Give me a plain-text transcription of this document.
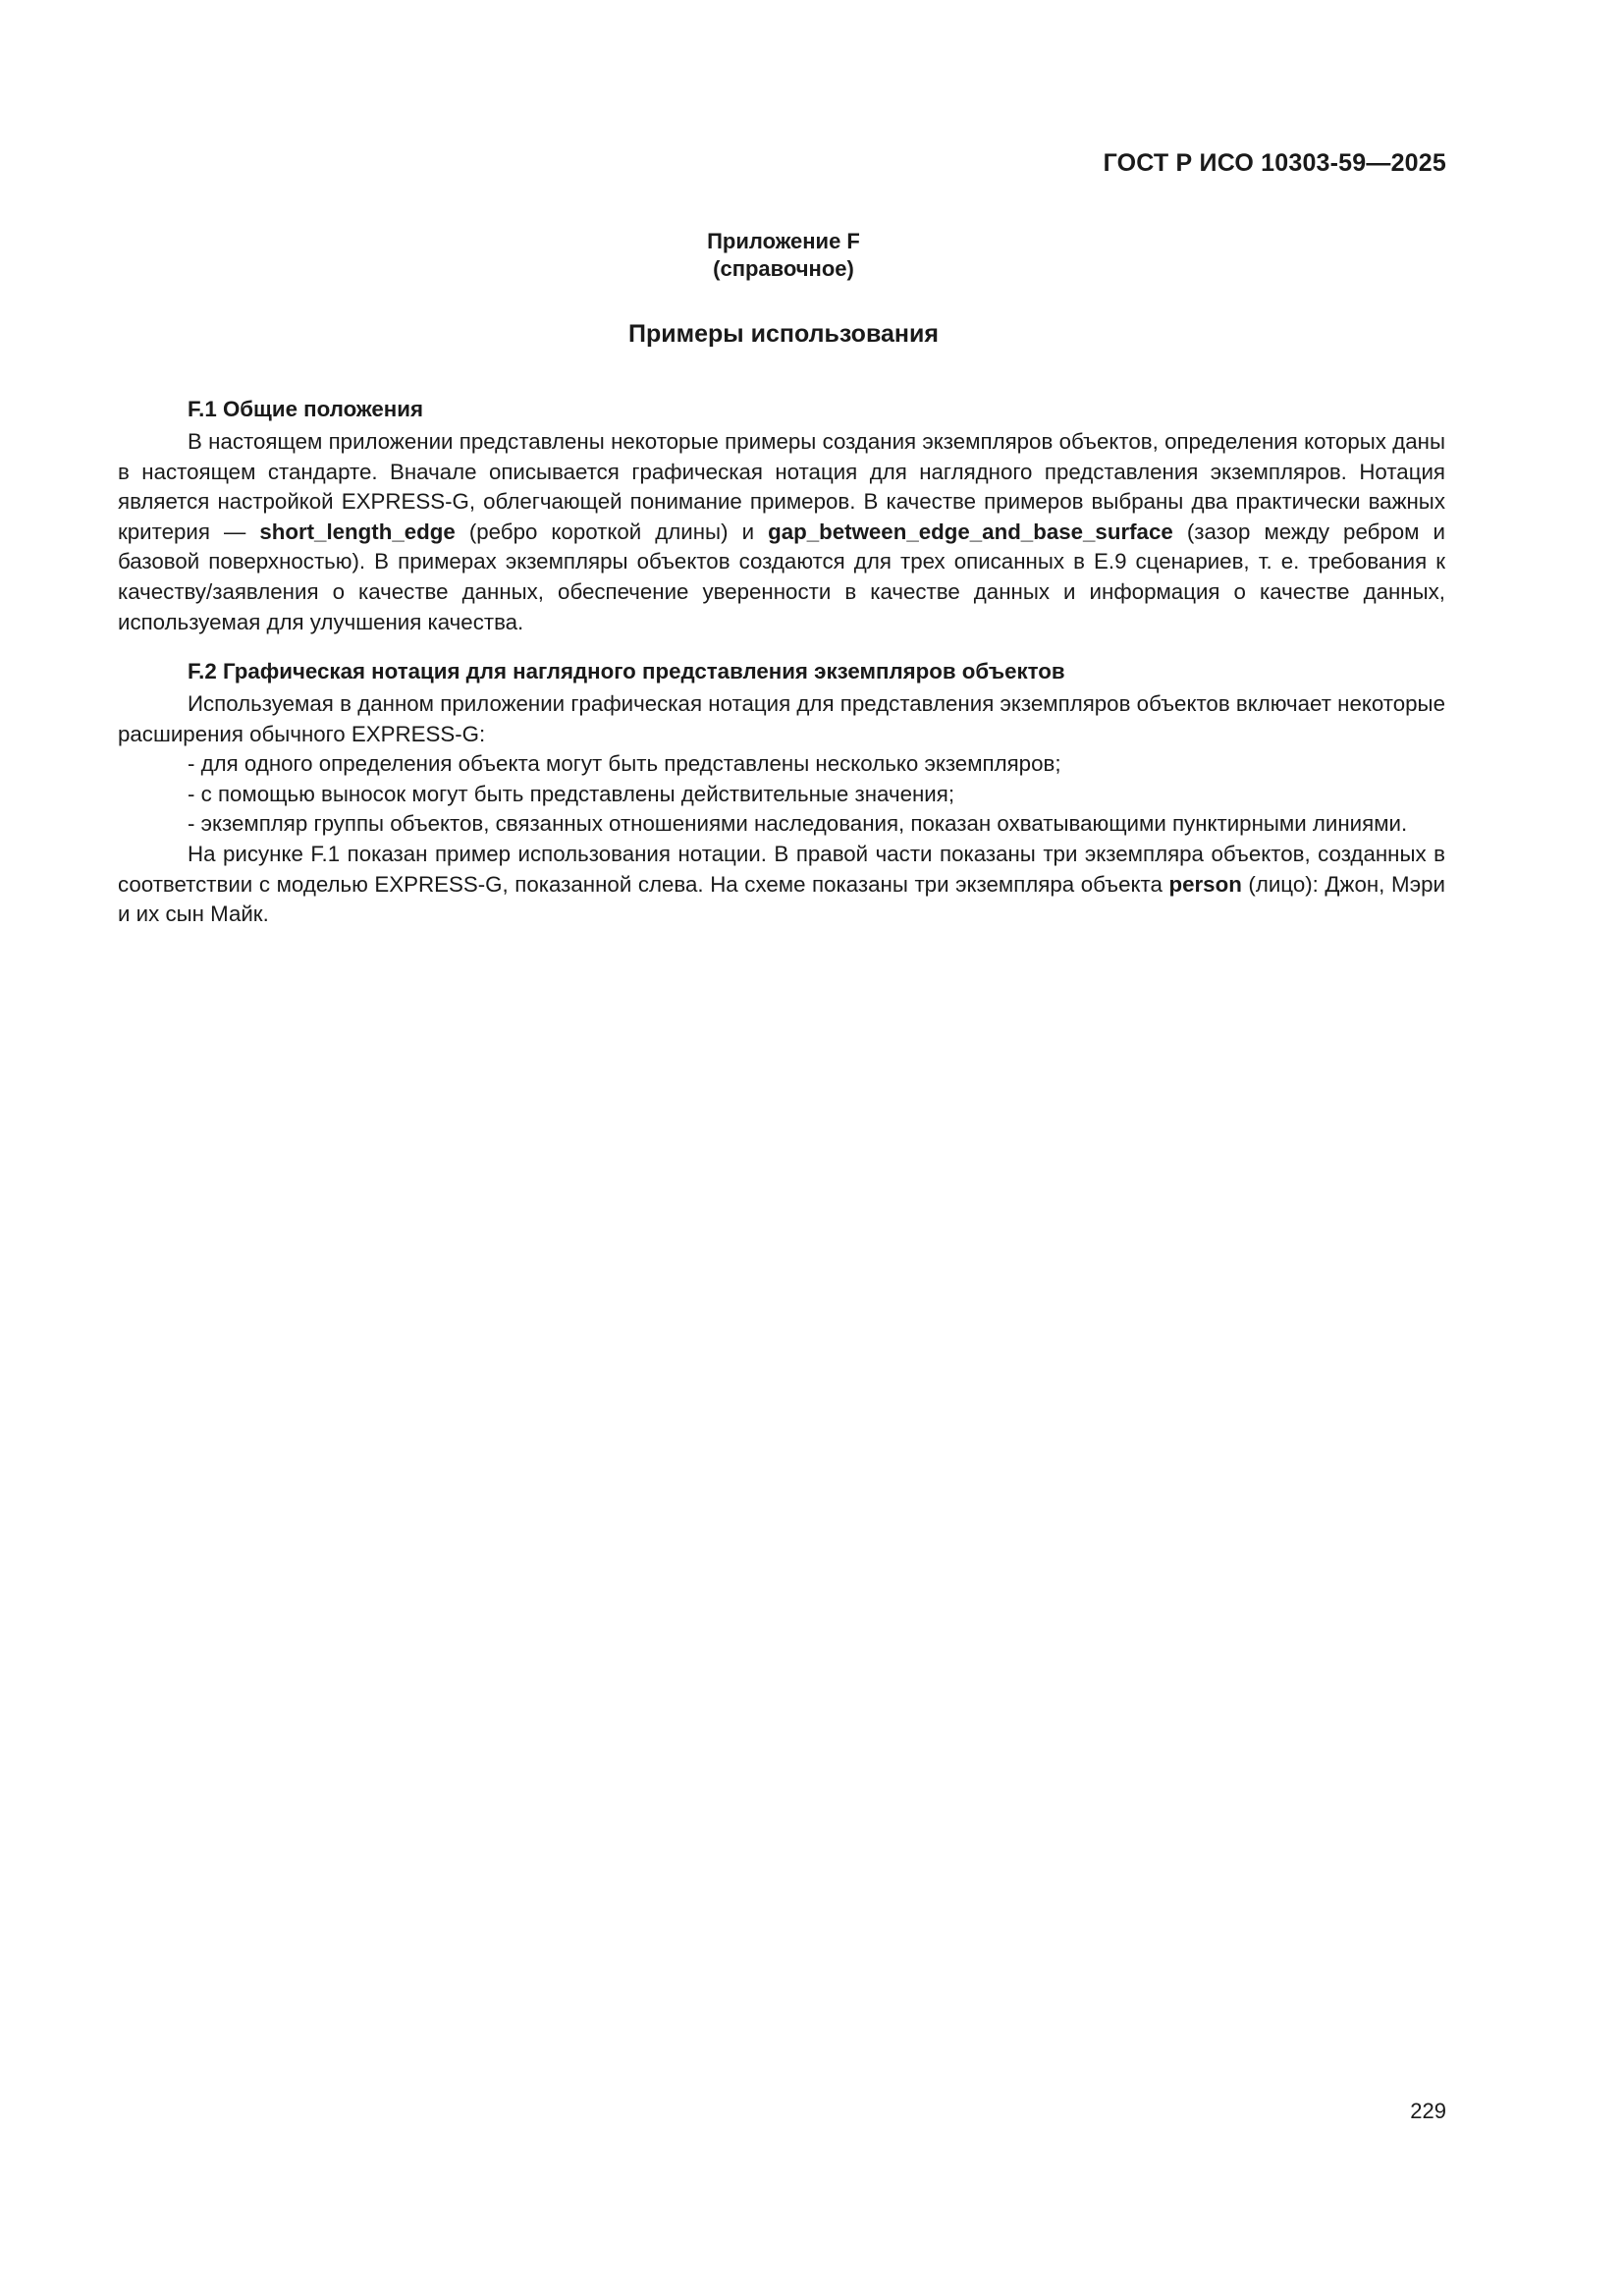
ГОСТ Р ИСО 10303-59—2025
Приложение F
(справочное)
Примеры использования
F.1 Общие положения

В настоящем приложении представлены некоторые примеры создания экземпляров объектов, определения которых даны в настоящем стандарте. Вначале описывается графическая нотация для наглядного представления экземпляров. Нотация является настройкой EXPRESS-G, облегчающей понимание примеров. В качестве примеров выбраны два практически важных критерия — short_length_edge (ребро короткой длины) и gap_between_edge_and_base_surface (зазор между ребром и базовой поверхностью). В примерах экземпляры объектов создаются для трех описанных в E.9 сценариев, т. е. требования к качеству/заявления о качестве данных, обеспечение уверенности в качестве данных и информация о качестве данных, используемая для улучшения качества.

F.2 Графическая нотация для наглядного представления экземпляров объектов

Используемая в данном приложении графическая нотация для представления экземпляров объектов включает некоторые расширения обычного EXPRESS-G:

- для одного определения объекта могут быть представлены несколько экземпляров;

- с помощью выносок могут быть представлены действительные значения;

- экземпляр группы объектов, связанных отношениями наследования, показан охватывающими пунктирными линиями.

На рисунке F.1 показан пример использования нотации. В правой части показаны три экземпляра объектов, созданных в соответствии с моделью EXPRESS-G, показанной слева. На схеме показаны три экземпляра объекта person (лицо): Джон, Мэри и их сын Майк.

229
